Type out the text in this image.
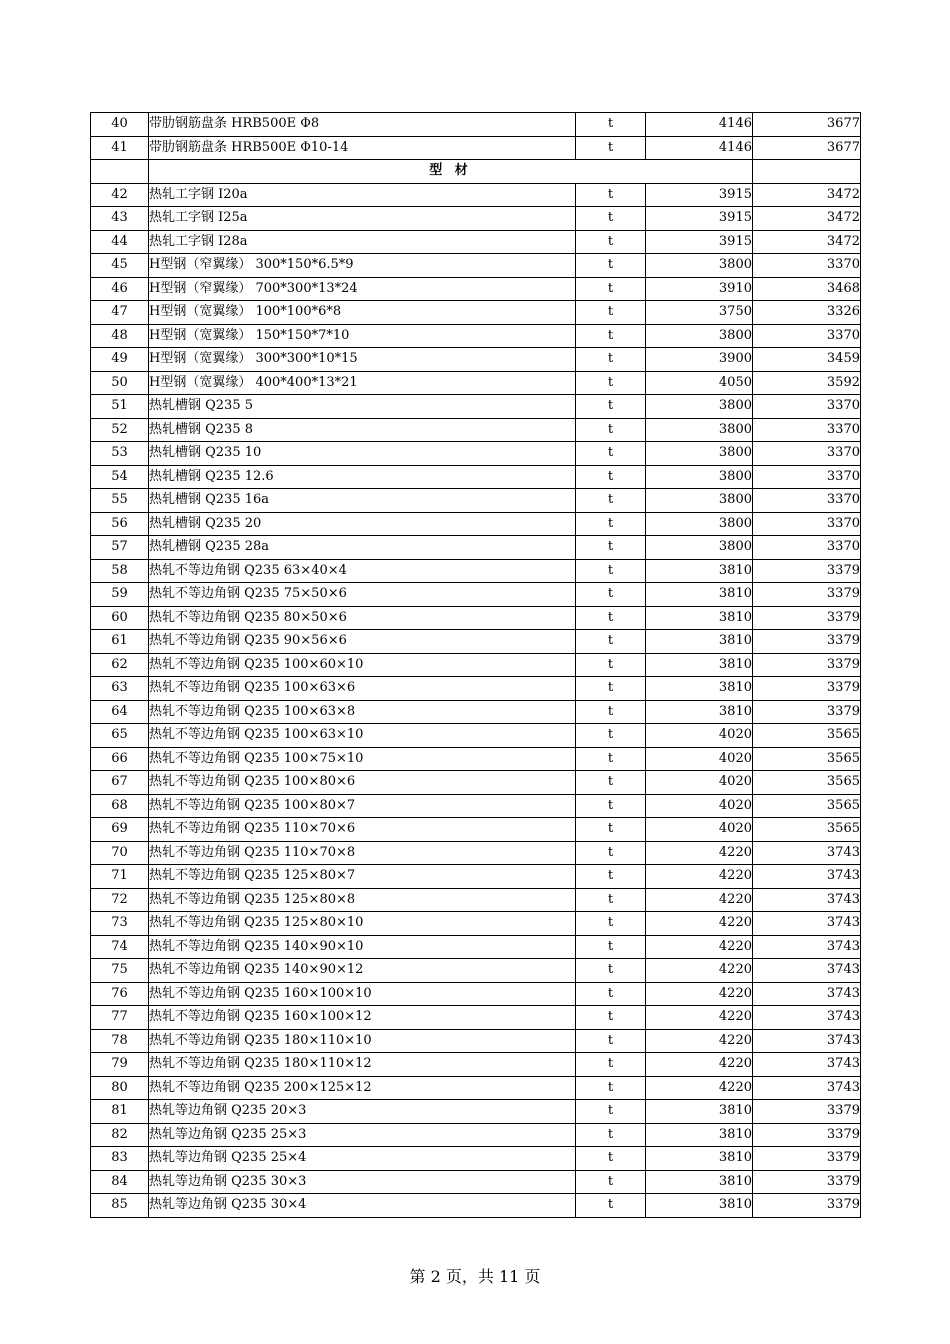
40	带肋钢筋盘条 HRB500E Φ8	t	4146	3677
41	带肋钢筋盘条 HRB500E Φ10-14	t	4146	3677
	型 材			
42	热轧工字钢 I20a	t	3915	3472
43	热轧工字钢 I25a	t	3915	3472
44	热轧工字钢 I28a	t	3915	3472
45	H型钢（窄翼缘） 300*150*6.5*9	t	3800	3370
46	H型钢（窄翼缘） 700*300*13*24	t	3910	3468
47	H型钢（宽翼缘） 100*100*6*8	t	3750	3326
48	H型钢（宽翼缘） 150*150*7*10	t	3800	3370
49	H型钢（宽翼缘） 300*300*10*15	t	3900	3459
50	H型钢（宽翼缘） 400*400*13*21	t	4050	3592
51	热轧槽钢 Q235 5	t	3800	3370
52	热轧槽钢 Q235 8	t	3800	3370
53	热轧槽钢 Q235 10	t	3800	3370
54	热轧槽钢 Q235 12.6	t	3800	3370
55	热轧槽钢 Q235 16a	t	3800	3370
56	热轧槽钢 Q235 20	t	3800	3370
57	热轧槽钢 Q235 28a	t	3800	3370
58	热轧不等边角钢 Q235 63×40×4	t	3810	3379
59	热轧不等边角钢 Q235 75×50×6	t	3810	3379
60	热轧不等边角钢 Q235 80×50×6	t	3810	3379
61	热轧不等边角钢 Q235 90×56×6	t	3810	3379
62	热轧不等边角钢 Q235 100×60×10	t	3810	3379
63	热轧不等边角钢 Q235 100×63×6	t	3810	3379
64	热轧不等边角钢 Q235 100×63×8	t	3810	3379
65	热轧不等边角钢 Q235 100×63×10	t	4020	3565
66	热轧不等边角钢 Q235 100×75×10	t	4020	3565
67	热轧不等边角钢 Q235 100×80×6	t	4020	3565
68	热轧不等边角钢 Q235 100×80×7	t	4020	3565
69	热轧不等边角钢 Q235 110×70×6	t	4020	3565
70	热轧不等边角钢 Q235 110×70×8	t	4220	3743
71	热轧不等边角钢 Q235 125×80×7	t	4220	3743
72	热轧不等边角钢 Q235 125×80×8	t	4220	3743
73	热轧不等边角钢 Q235 125×80×10	t	4220	3743
74	热轧不等边角钢 Q235 140×90×10	t	4220	3743
75	热轧不等边角钢 Q235 140×90×12	t	4220	3743
76	热轧不等边角钢 Q235 160×100×10	t	4220	3743
77	热轧不等边角钢 Q235 160×100×12	t	4220	3743
78	热轧不等边角钢 Q235 180×110×10	t	4220	3743
79	热轧不等边角钢 Q235 180×110×12	t	4220	3743
80	热轧不等边角钢 Q235 200×125×12	t	4220	3743
81	热轧等边角钢 Q235 20×3	t	3810	3379
82	热轧等边角钢 Q235 25×3	t	3810	3379
83	热轧等边角钢 Q235 25×4	t	3810	3379
84	热轧等边角钢 Q235 30×3	t	3810	3379
85	热轧等边角钢 Q235 30×4	t	3810	3379
第 2 页，共 11 页
